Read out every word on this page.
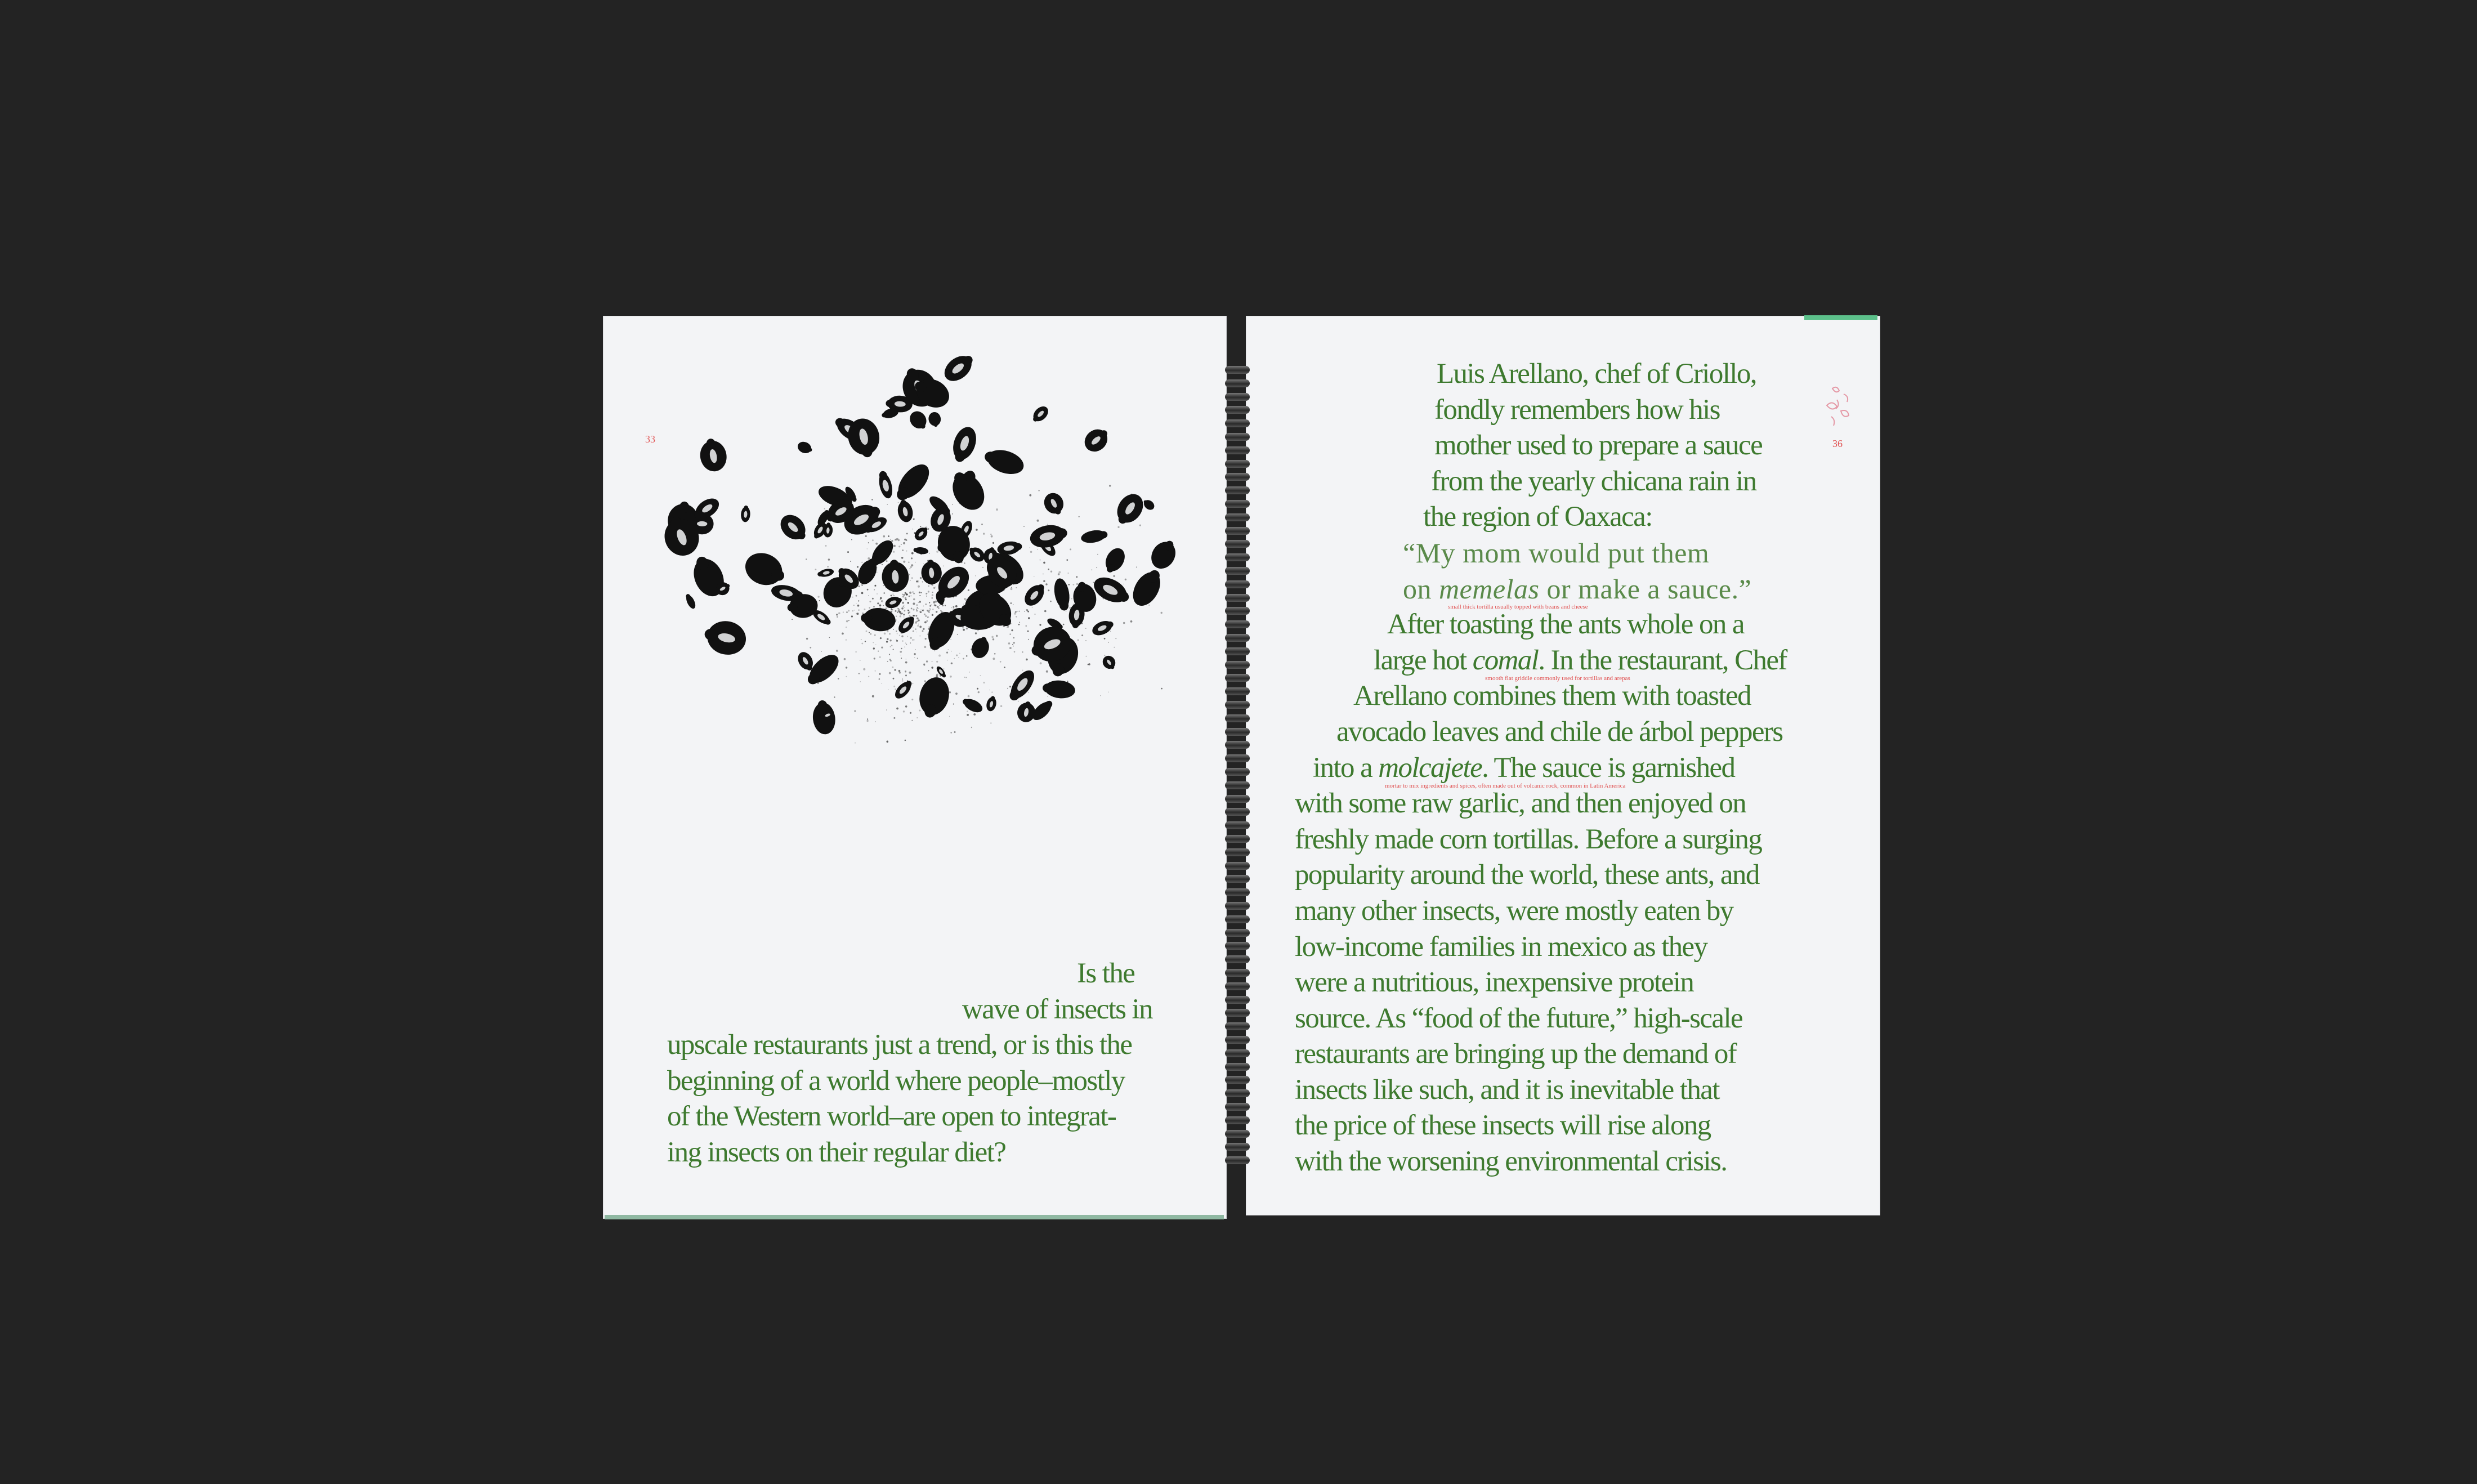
33
Is the
wave of insects in
upscale restaurants just a trend, or is this the
beginning of a world where people–mostly
of the Western world–are open to integrat-
ing insects on their regular diet?
36
Luis Arellano, chef of Criollo,
fondly remembers how his
mother used to prepare a sauce
from the yearly chicana rain in
the region of Oaxaca:
“My mom would put them
on memelas or make a sauce.”
small thick tortilla usually topped with beans and cheese
After toasting the ants whole on a
large hot comal. In the restaurant, Chef
smooth flat griddle commonly used for tortillas and arepas
Arellano combines them with toasted
avocado leaves and chile de árbol peppers
into a molcajete. The sauce is garnished
mortar to mix ingredients and spices, often made out of volcanic rock, common in Latin America
with some raw garlic, and then enjoyed on
freshly made corn tortillas. Before a surging
popularity around the world, these ants, and
many other insects, were mostly eaten by
low-income families in mexico as they
were a nutritious, inexpensive protein
source. As “food of the future,” high-scale
restaurants are bringing up the demand of
insects like such, and it is inevitable that
the price of these insects will rise along
with the worsening environmental crisis.
